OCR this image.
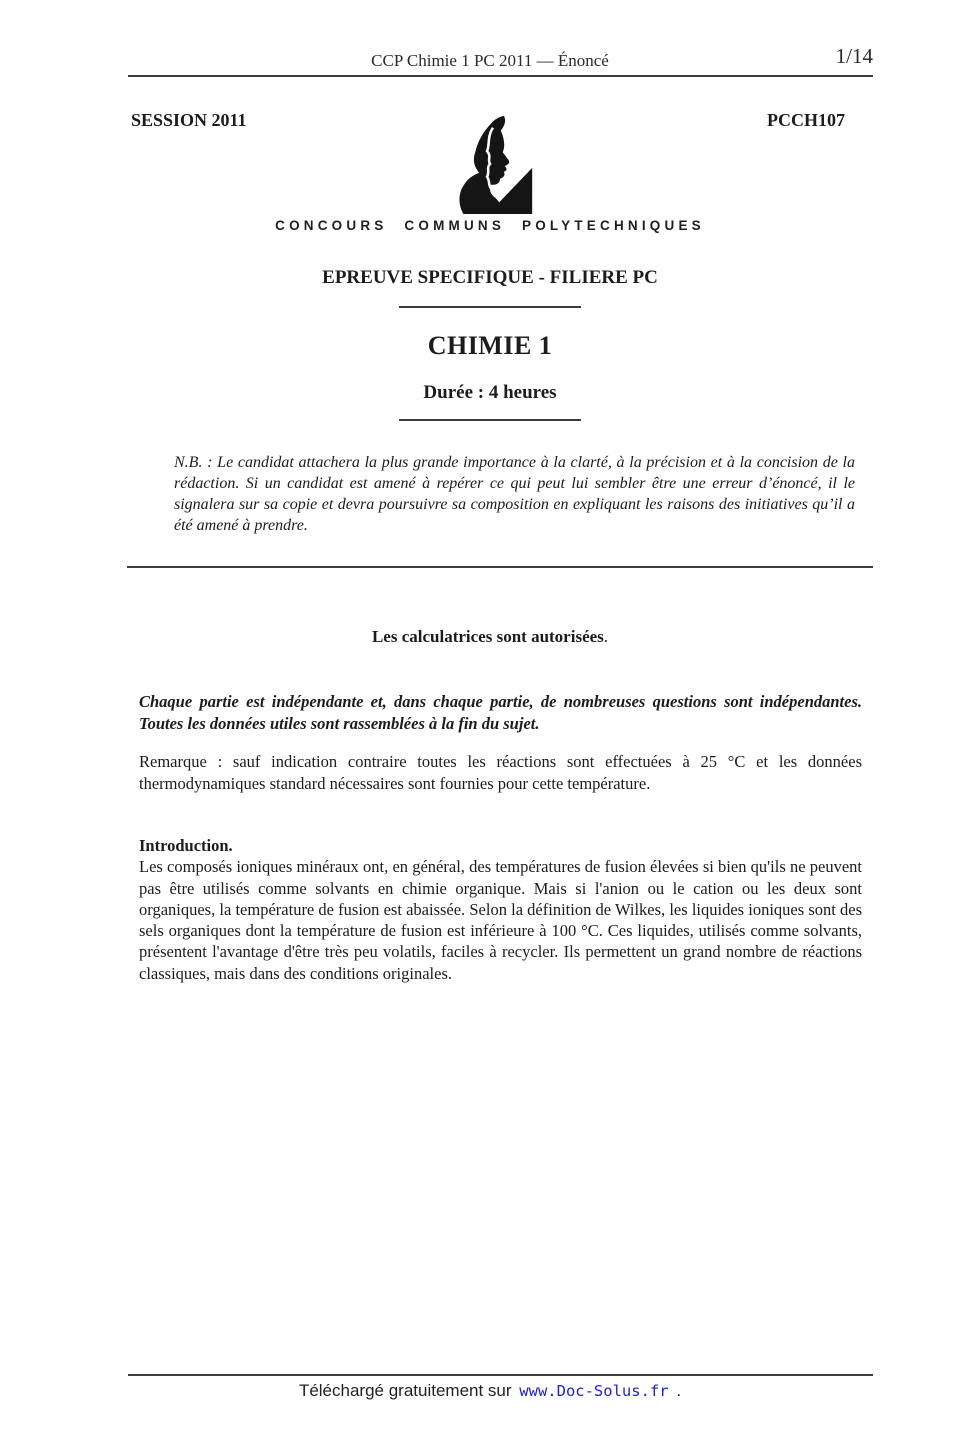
CCP Chimie 1 PC 2011 — Énoncé	1/14
SESSION 2011	PCCH107
CONCOURS COMMUNS POLYTECHNIQUES
EPREUVE SPECIFIQUE - FILIERE PC
CHIMIE 1
Durée : 4 heures
N.B. : Le candidat attachera la plus grande importance à la clarté, à la précision et à la concision de la rédaction. Si un candidat est amené à repérer ce qui peut lui sembler être une erreur d’énoncé, il le signalera sur sa copie et devra poursuivre sa composition en expliquant les raisons des initiatives qu’il a été amené à prendre.
Les calculatrices sont autorisées.
Chaque partie est indépendante et, dans chaque partie, de nombreuses questions sont indépendantes. Toutes les données utiles sont rassemblées à la fin du sujet.
Remarque : sauf indication contraire toutes les réactions sont effectuées à 25 °C et les données thermodynamiques standard nécessaires sont fournies pour cette température.
Introduction.
Les composés ioniques minéraux ont, en général, des températures de fusion élevées si bien qu'ils ne peuvent pas être utilisés comme solvants en chimie organique. Mais si l'anion ou le cation ou les deux sont organiques, la température de fusion est abaissée. Selon la définition de Wilkes, les liquides ioniques sont des sels organiques dont la température de fusion est inférieure à 100 °C. Ces liquides, utilisés comme solvants, présentent l'avantage d'être très peu volatils, faciles à recycler. Ils permettent un grand nombre de réactions classiques, mais dans des conditions originales.
Téléchargé gratuitement sur www.Doc-Solus.fr .
